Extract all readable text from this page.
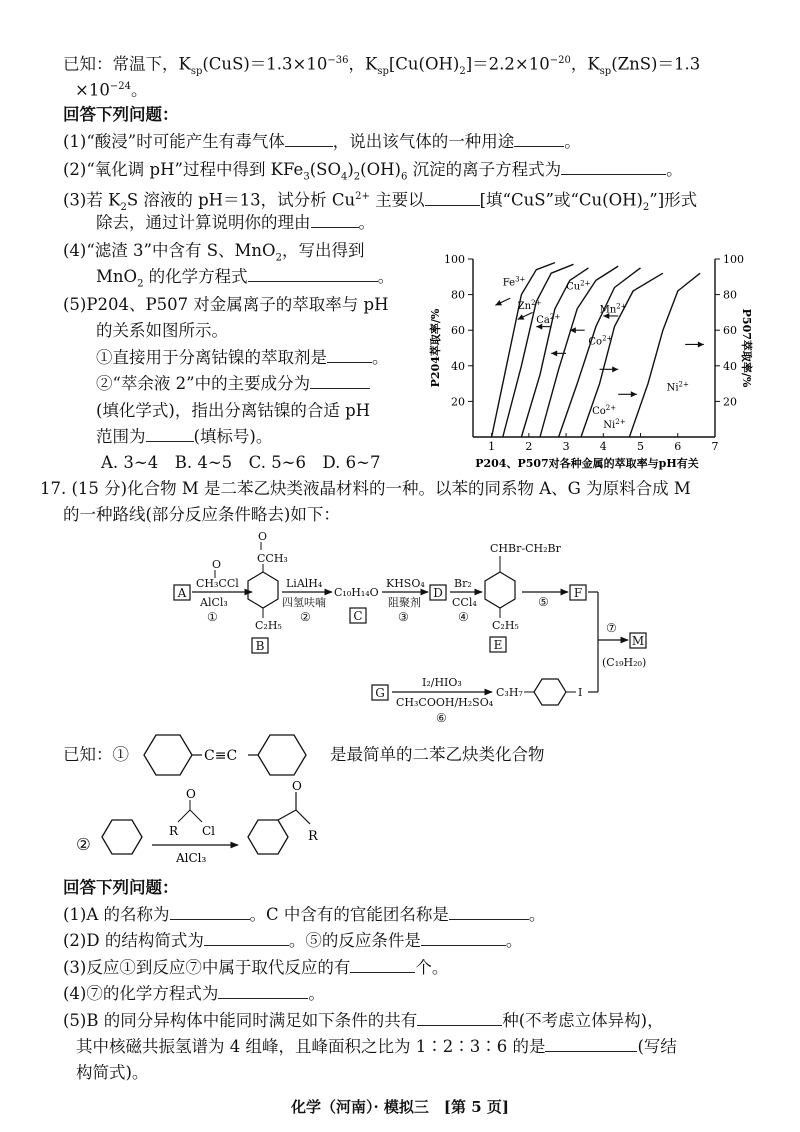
已知：常温下，$K_{sp}(CuS)=1.3\times 10^{-36}$，$K_{sp}[Cu(OH)_2]=2.2\times 10^{-20}$，$K_{sp}(ZnS)=1.3$
$\times 10^{-24}$。
回答下列问题：
(1)“酸浸”时可能产生有毒气体	，说出该气体的一种用途	。
(2)“氧化调 pH”过程中得到 $KFe_3(SO_4)_2(OH)_6$ 沉淀的离子方程式为	。
(3)若 $K_2S$ 溶液的 pH＝13，试分析 $Cu^{2+}$ 主要以	[填“CuS”或“$Cu(OH)_2$”]形式
除去，通过计算说明你的理由	。
(4)“滤渣 3”中含有 S、MnO$_2$，写出得到
MnO$_2$ 的化学方程式	。
(5)P204、P507 对金属离子的萃取率与 pH
的关系如图所示。
①直接用于分离钴镍的萃取剂是	。
②“萃余液 2”中的主要成分为
(填化学式)，指出分离钴镍的合适 pH
范围为	(填标号)。
A. 3∼4　B. 4∼5　C. 5∼6　D. 6∼7
1	2	3	4	5	6	7
20	20
40	40
60	60
80	80
100	100
P204萃取率/%	P507萃取率/%
$Fe^{3+}$
$Zn^{2+}$
$Ca^{2+}$
$Cu^{2+}$
$Mn^{2+}$
$Co^{2+}$
$Co^{2+}$
$Ni^{2+}$
$Ni^{2+}$
P204、P507对各种金属的萃取率与pH有关
17. (15 分)化合物 M 是二苯乙炔类液晶材料的一种。以苯的同系物 A、G 为原料合成 M
的一种路线(部分反应条件略去)如下：
A
O
CH₃CCl
AlCl₃
①
O
CCH₃
C₂H₅
B
LiAlH₄
四氢呋喃
②
C₁₀H₁₄O
C
KHSO₄
阻聚剂
③
D
Br₂
CCl₄
④
CHBr-CH₂Br
C₂H₅
E
⑤
F
⑦
M
(C₁₉H₂₀)
G
I₂/HIO₃
CH₃COOH/H₂SO₄
⑥
C₃H₇	I
已知：①	C≡C	是最简单的二苯乙炔类化合物
②
O
R Cl
AlCl₃
O
R
回答下列问题：
(1)A 的名称为	。C 中含有的官能团名称是	。
(2)D 的结构简式为	。⑤的反应条件是	。
(3)反应①到反应⑦中属于取代反应的有	个。
(4)⑦的化学方程式为	。
(5)B 的同分异构体中能同时满足如下条件的共有	种(不考虑立体异构)，
其中核磁共振氢谱为 4 组峰，且峰面积之比为 1∶2∶3∶6 的是	(写结
构简式)。
化学（河南）· 模拟三　[第 5 页]
